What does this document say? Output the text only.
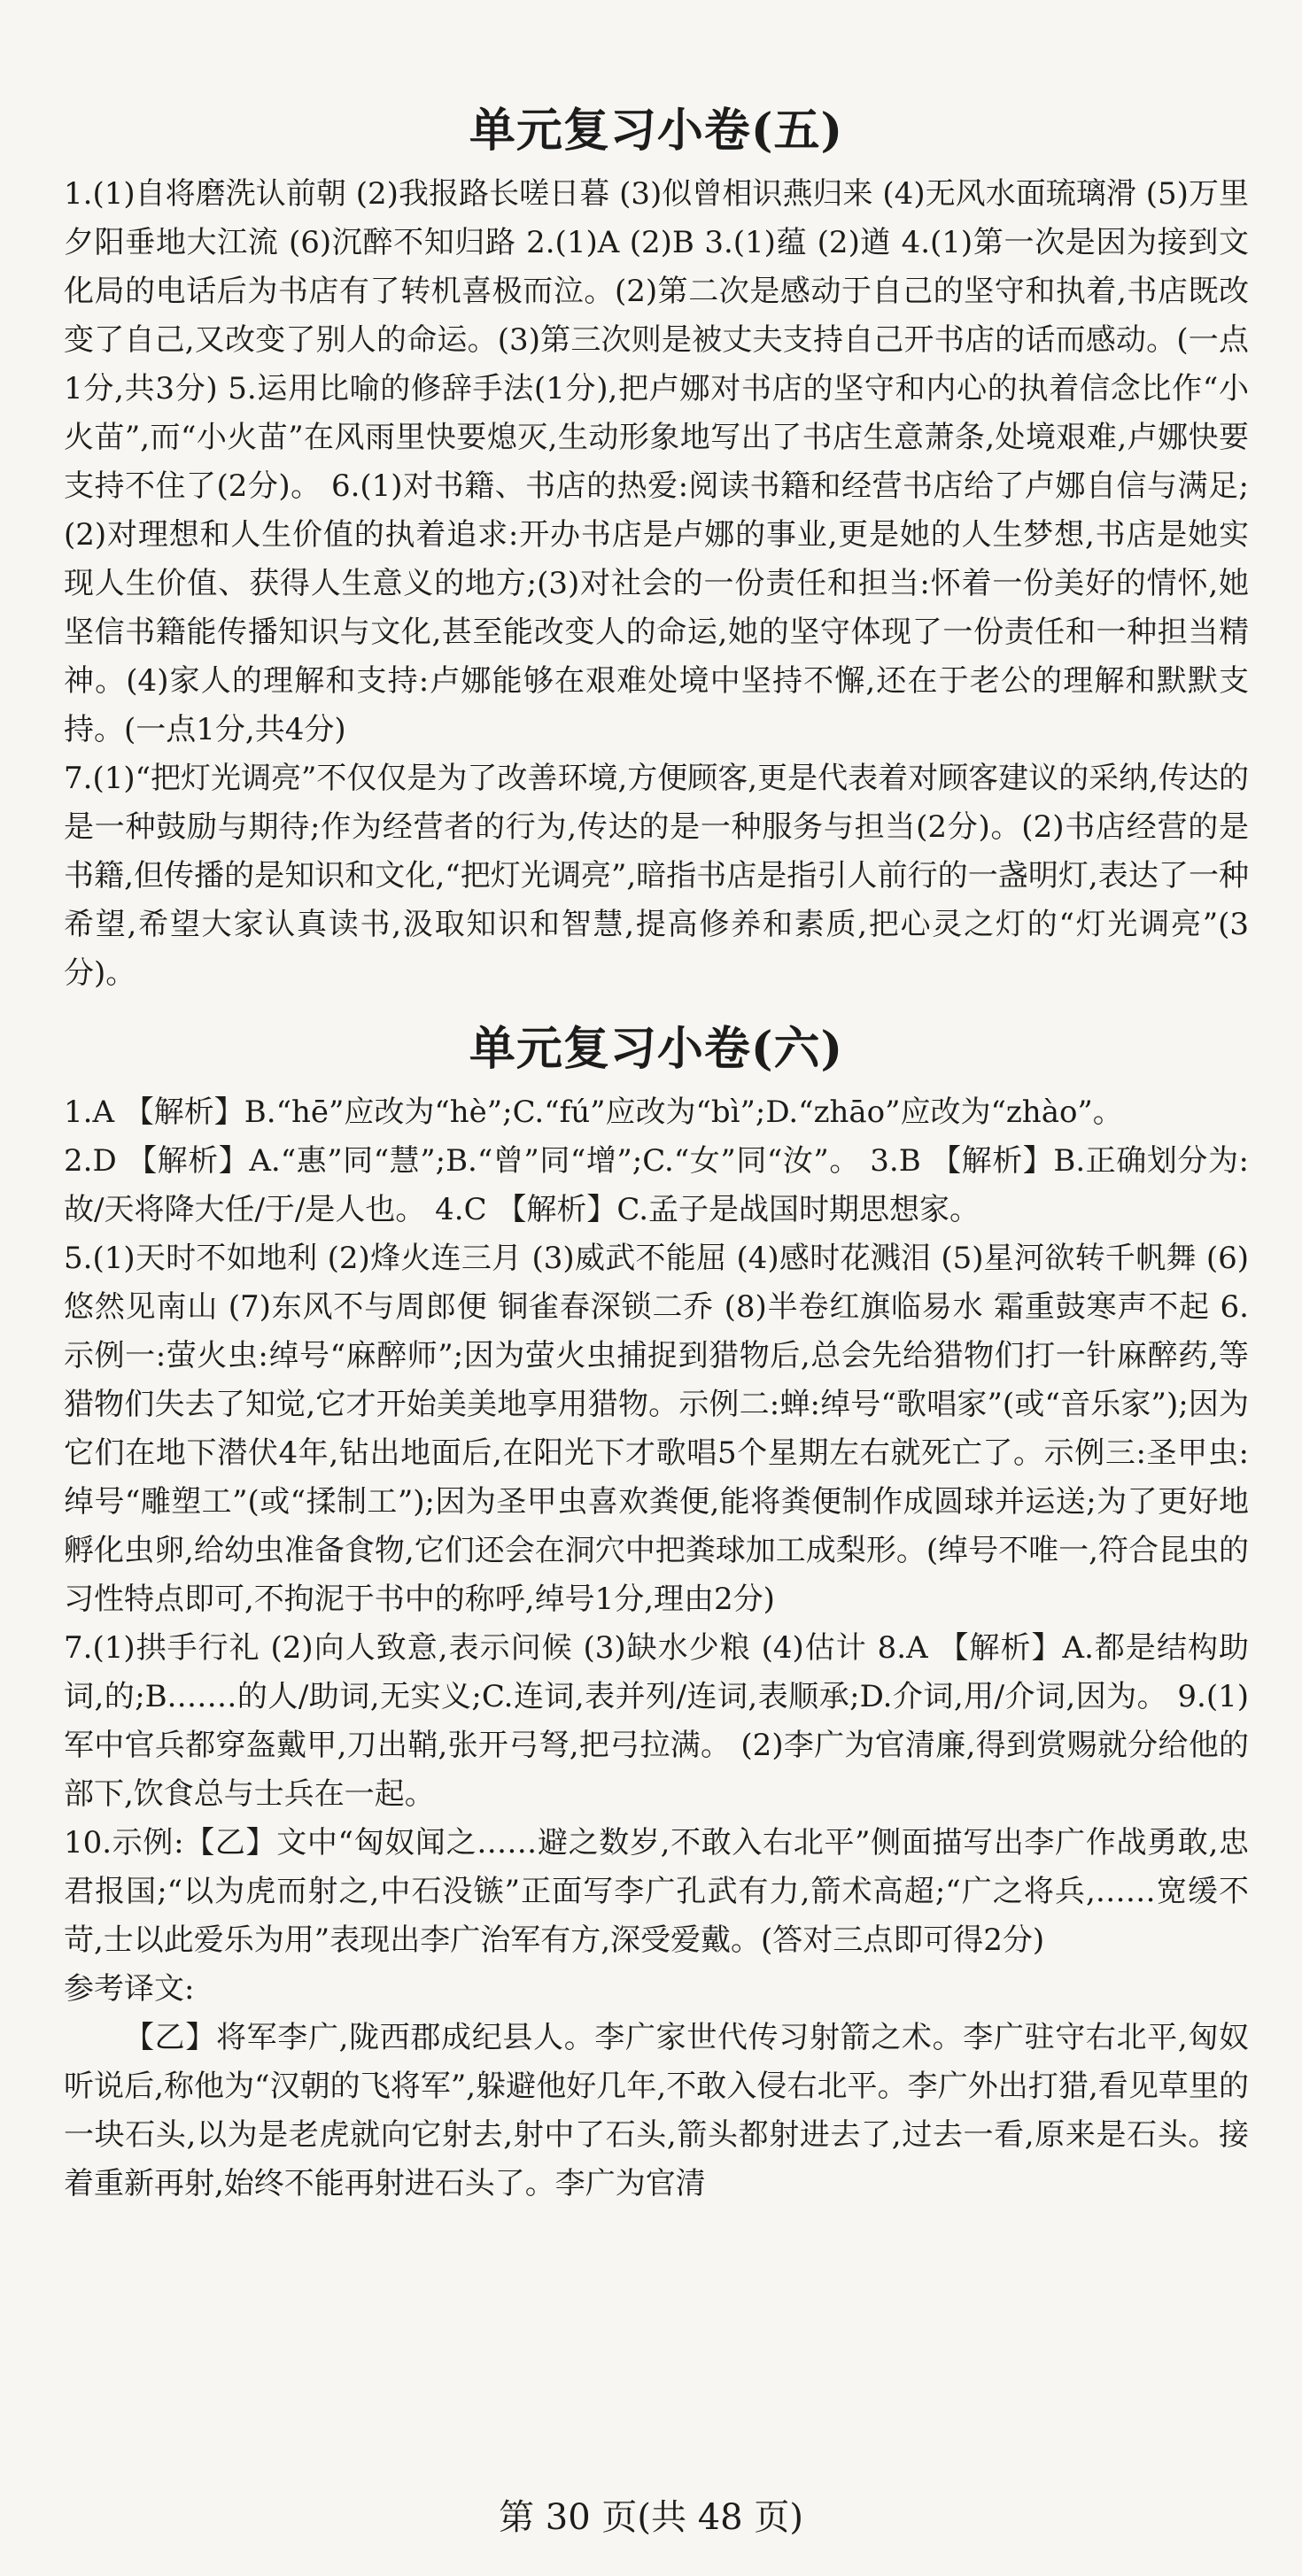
单元复习小卷(五)

1.(1)自将磨洗认前朝 (2)我报路长嗟日暮 (3)似曾相识燕归来 (4)无风水面琉璃滑 (5)万里夕阳垂地大江流 (6)沉醉不知归路 2.(1)A (2)B 3.(1)蕴 (2)遒 4.(1)第一次是因为接到文化局的电话后为书店有了转机喜极而泣。(2)第二次是感动于自己的坚守和执着,书店既改变了自己,又改变了别人的命运。(3)第三次则是被丈夫支持自己开书店的话而感动。(一点1分,共3分) 5.运用比喻的修辞手法(1分),把卢娜对书店的坚守和内心的执着信念比作“小火苗”,而“小火苗”在风雨里快要熄灭,生动形象地写出了书店生意萧条,处境艰难,卢娜快要支持不住了(2分)。 6.(1)对书籍、书店的热爱:阅读书籍和经营书店给了卢娜自信与满足;(2)对理想和人生价值的执着追求:开办书店是卢娜的事业,更是她的人生梦想,书店是她实现人生价值、获得人生意义的地方;(3)对社会的一份责任和担当:怀着一份美好的情怀,她坚信书籍能传播知识与文化,甚至能改变人的命运,她的坚守体现了一份责任和一种担当精神。(4)家人的理解和支持:卢娜能够在艰难处境中坚持不懈,还在于老公的理解和默默支持。(一点1分,共4分)

7.(1)“把灯光调亮”不仅仅是为了改善环境,方便顾客,更是代表着对顾客建议的采纳,传达的是一种鼓励与期待;作为经营者的行为,传达的是一种服务与担当(2分)。(2)书店经营的是书籍,但传播的是知识和文化,“把灯光调亮”,暗指书店是指引人前行的一盏明灯,表达了一种希望,希望大家认真读书,汲取知识和智慧,提高修养和素质,把心灵之灯的“灯光调亮”(3分)。

单元复习小卷(六)

1.A 【解析】B.“hē”应改为“hè”;C.“fú”应改为“bì”;D.“zhāo”应改为“zhào”。

2.D 【解析】A.“惠”同“慧”;B.“曾”同“增”;C.“女”同“汝”。 3.B 【解析】B.正确划分为:故/天将降大任/于/是人也。 4.C 【解析】C.孟子是战国时期思想家。

5.(1)天时不如地利 (2)烽火连三月 (3)威武不能屈 (4)感时花溅泪 (5)星河欲转千帆舞 (6)悠然见南山 (7)东风不与周郎便 铜雀春深锁二乔 (8)半卷红旗临易水 霜重鼓寒声不起 6.示例一:萤火虫:绰号“麻醉师”;因为萤火虫捕捉到猎物后,总会先给猎物们打一针麻醉药,等猎物们失去了知觉,它才开始美美地享用猎物。示例二:蝉:绰号“歌唱家”(或“音乐家”);因为它们在地下潜伏4年,钻出地面后,在阳光下才歌唱5个星期左右就死亡了。示例三:圣甲虫:绰号“雕塑工”(或“揉制工”);因为圣甲虫喜欢粪便,能将粪便制作成圆球并运送;为了更好地孵化虫卵,给幼虫准备食物,它们还会在洞穴中把粪球加工成梨形。(绰号不唯一,符合昆虫的习性特点即可,不拘泥于书中的称呼,绰号1分,理由2分)

7.(1)拱手行礼 (2)向人致意,表示问候 (3)缺水少粮 (4)估计 8.A 【解析】A.都是结构助词,的;B.……的人/助词,无实义;C.连词,表并列/连词,表顺承;D.介词,用/介词,因为。 9.(1)军中官兵都穿盔戴甲,刀出鞘,张开弓弩,把弓拉满。 (2)李广为官清廉,得到赏赐就分给他的部下,饮食总与士兵在一起。

10.示例:【乙】文中“匈奴闻之……避之数岁,不敢入右北平”侧面描写出李广作战勇敢,忠君报国;“以为虎而射之,中石没镞”正面写李广孔武有力,箭术高超;“广之将兵,……宽缓不苛,士以此爱乐为用”表现出李广治军有方,深受爱戴。(答对三点即可得2分)

参考译文:

【乙】将军李广,陇西郡成纪县人。李广家世代传习射箭之术。李广驻守右北平,匈奴听说后,称他为“汉朝的飞将军”,躲避他好几年,不敢入侵右北平。李广外出打猎,看见草里的一块石头,以为是老虎就向它射去,射中了石头,箭头都射进去了,过去一看,原来是石头。接着重新再射,始终不能再射进石头了。李广为官清

第 30 页(共 48 页)
